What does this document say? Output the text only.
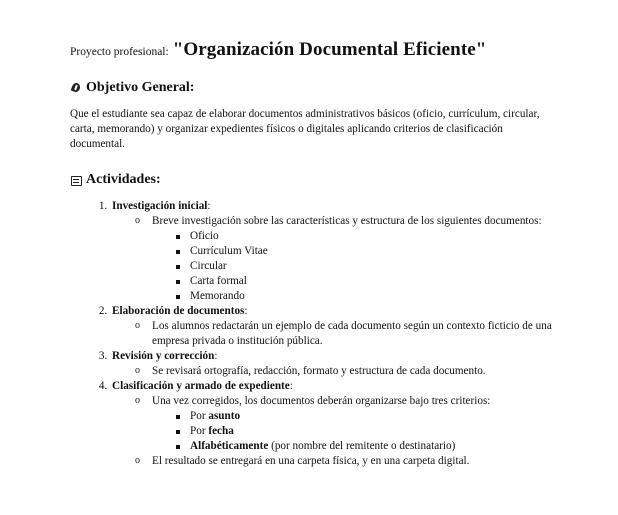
Proyecto profesional: "Organización Documental Eficiente"

Objetivo General:

Que el estudiante sea capaz de elaborar documentos administrativos básicos (oficio, currículum, circular, carta, memorando) y organizar expedientes físicos o digitales aplicando criterios de clasificación documental.

Actividades:
1. Investigación inicial:
o Breve investigación sobre las características y estructura de los siguientes documentos:
Oficio
Currículum Vitae
Circular
Carta formal
Memorando
2. Elaboración de documentos:
o Los alumnos redactarán un ejemplo de cada documento según un contexto ficticio de una empresa privada o institución pública.
3. Revisión y corrección:
o Se revisará ortografía, redacción, formato y estructura de cada documento.
4. Clasificación y armado de expediente:
o Una vez corregidos, los documentos deberán organizarse bajo tres criterios:
Por asunto
Por fecha
Alfabéticamente (por nombre del remitente o destinatario)
o El resultado se entregará en una carpeta física, y en una carpeta digital.
